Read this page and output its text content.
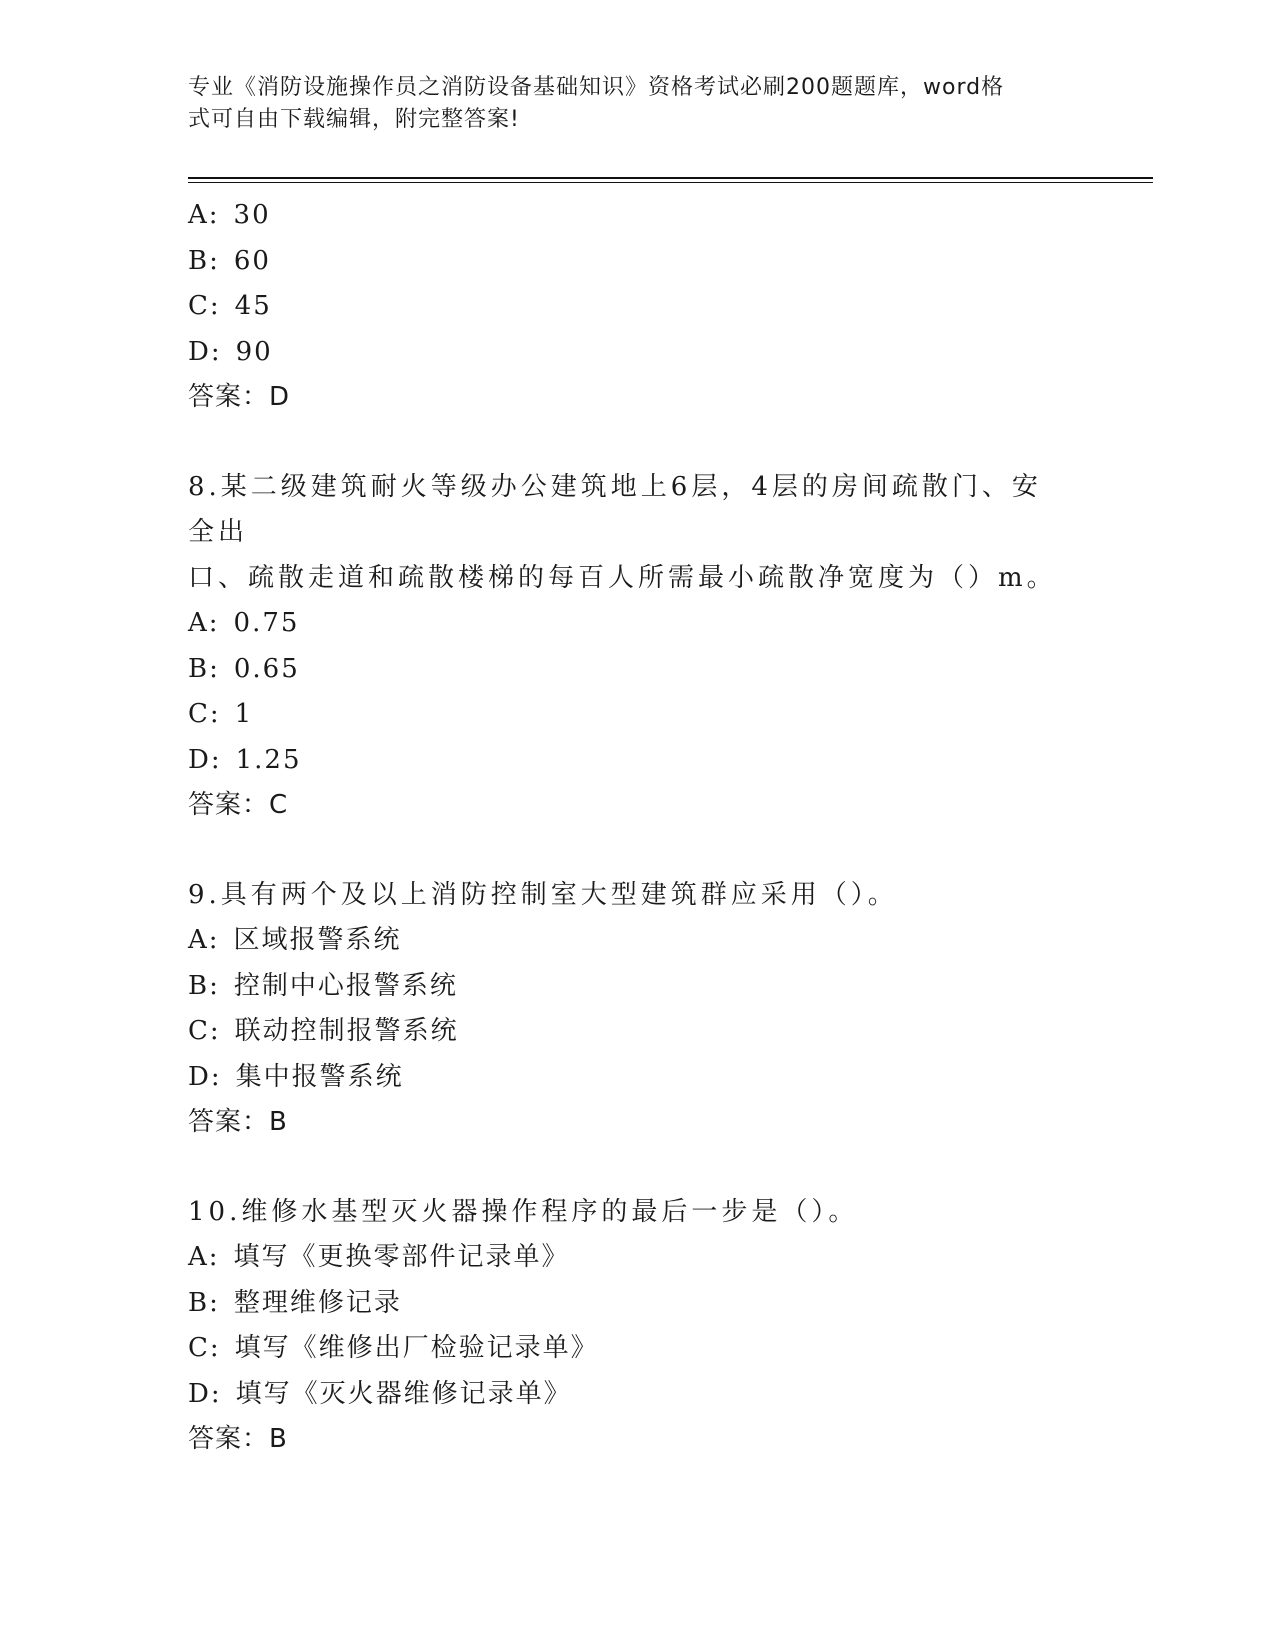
专业《消防设施操作员之消防设备基础知识》资格考试必刷200题题库，word格
式可自由下载编辑，附完整答案!
A: 30
B: 60
C: 45
D: 90
答案：D
8.某二级建筑耐火等级办公建筑地上6层，4层的房间疏散门、安全出
口、疏散走道和疏散楼梯的每百人所需最小疏散净宽度为（）m。
A: 0.75
B: 0.65
C: 1
D: 1.25
答案：C
9.具有两个及以上消防控制室大型建筑群应采用（）。
A: 区域报警系统
B: 控制中心报警系统
C: 联动控制报警系统
D: 集中报警系统
答案：B
10.维修水基型灭火器操作程序的最后一步是（）。
A: 填写《更换零部件记录单》
B: 整理维修记录
C: 填写《维修出厂检验记录单》
D: 填写《灭火器维修记录单》
答案：B
